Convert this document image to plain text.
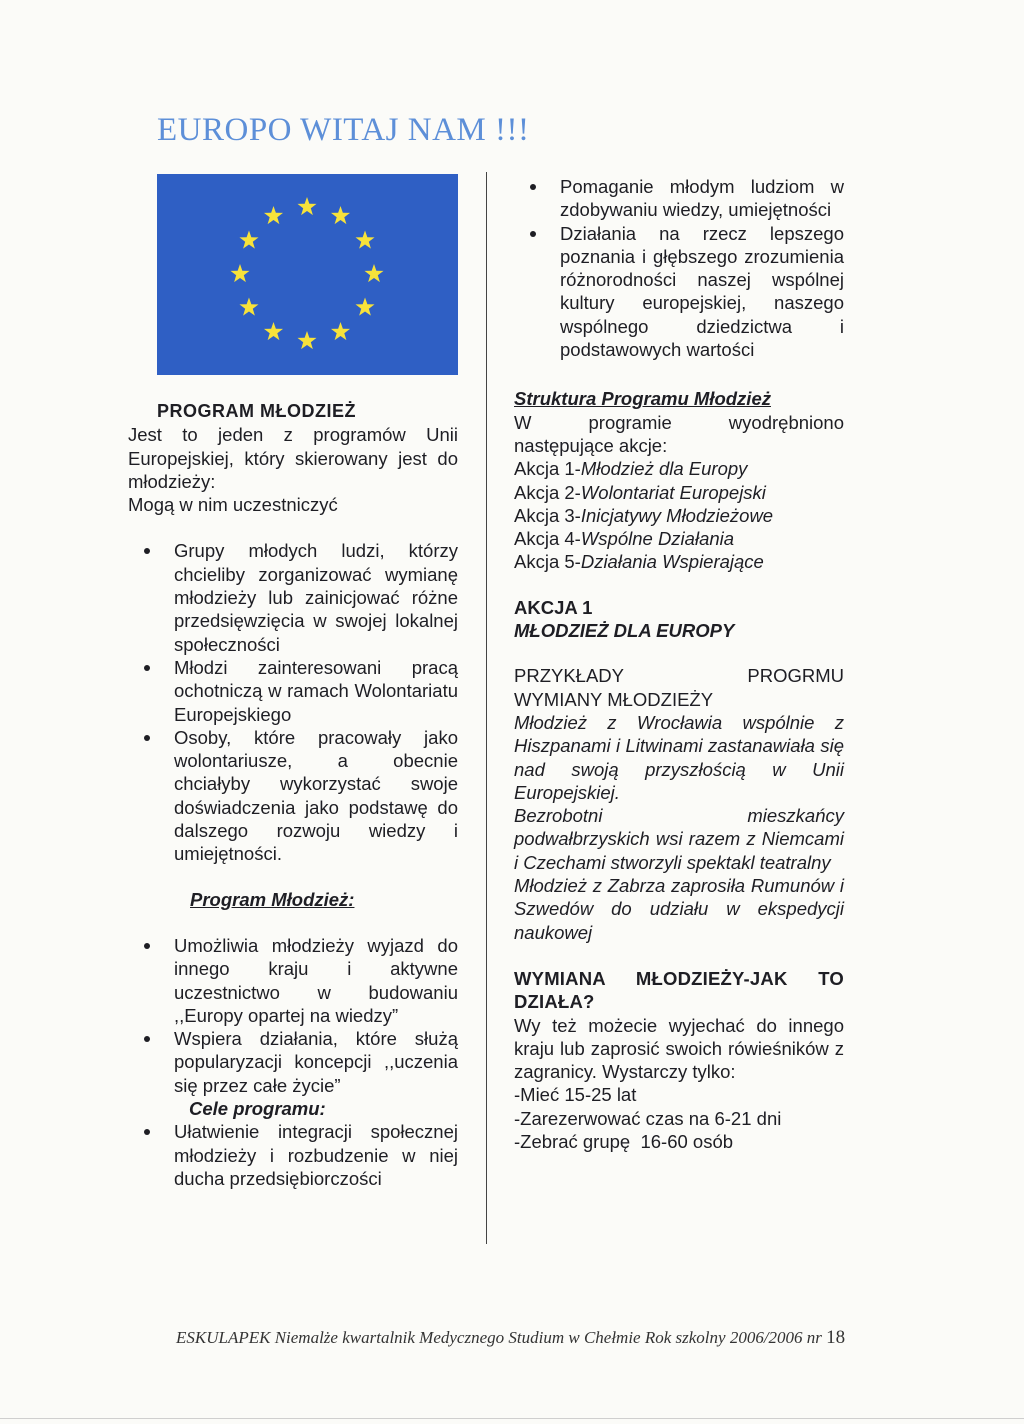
EUROPO WITAJ NAM !!!
PROGRAM MŁODZIEŻ

Jest to jeden z programów Unii Europejskiej, który skierowany jest do młodzieży:

Mogą w nim uczestniczyć

Grupy młodych ludzi, którzy chcieliby zorganizować wymianę młodzieży lub zainicjować różne przedsięwzięcia w swojej lokalnej społeczności
Młodzi zainteresowani pracą ochotniczą w ramach Wolontariatu Europejskiego
Osoby, które pracowały jako wolontariusze, a obecnie chciałyby wykorzystać swoje doświadczenia jako podstawę do dalszego rozwoju wiedzy i umiejętności.
Program Młodzież:
Umożliwia młodzieży wyjazd do innego kraju i aktywne uczestnictwo w budowaniu ,,Europy opartej na wiedzy”
Wspiera działania, które służą popularyzacji koncepcji ,,uczenia się przez całe życie”
Cele programu:
Ułatwienie integracji społecznej młodzieży i rozbudzenie w niej ducha przedsiębiorczości
Pomaganie młodym ludziom w zdobywaniu wiedzy, umiejętności
Działania na rzecz lepszego poznania i głębszego zrozumienia różnorodności naszej wspólnej kultury europejskiej, naszego wspólnego dziedzictwa i podstawowych wartości
Struktura Programu Młodzież

W programie wyodrębniono następujące akcje:

Akcja 1-Młodzież dla Europy
Akcja 2-Wolontariat Europejski
Akcja 3-Inicjatywy Młodzieżowe
Akcja 4-Wspólne Działania
Akcja 5-Działania Wspierające
AKCJA 1
MŁODZIEŻ DLA EUROPY
PRZYKŁADY	PROGRMU
WYMIANY MŁODZIEŻY

Młodzież z Wrocławia wspólnie z Hiszpanami i Litwinami zastanawiała się nad swoją przyszłością w Unii Europejskiej.

Bezrobotni mieszkańcy podwałbrzyskich wsi razem z Niemcami i Czechami stworzyli spektakl teatralny

Młodzież z Zabrza zaprosiła Rumunów i Szwedów do udziału w ekspedycji naukowej

WYMIANA MŁODZIEŻY-JAK TO DZIAŁA?

Wy też możecie wyjechać do innego kraju lub zaprosić swoich rówieśników z zagranicy. Wystarczy tylko:

-Mieć 15-25 lat
-Zarezerwować czas na 6-21 dni
-Zebrać grupę  16-60 osób
ESKULAPEK Niemalże kwartalnik Medycznego Studium w Chełmie Rok szkolny 2006/2006 nr 18
